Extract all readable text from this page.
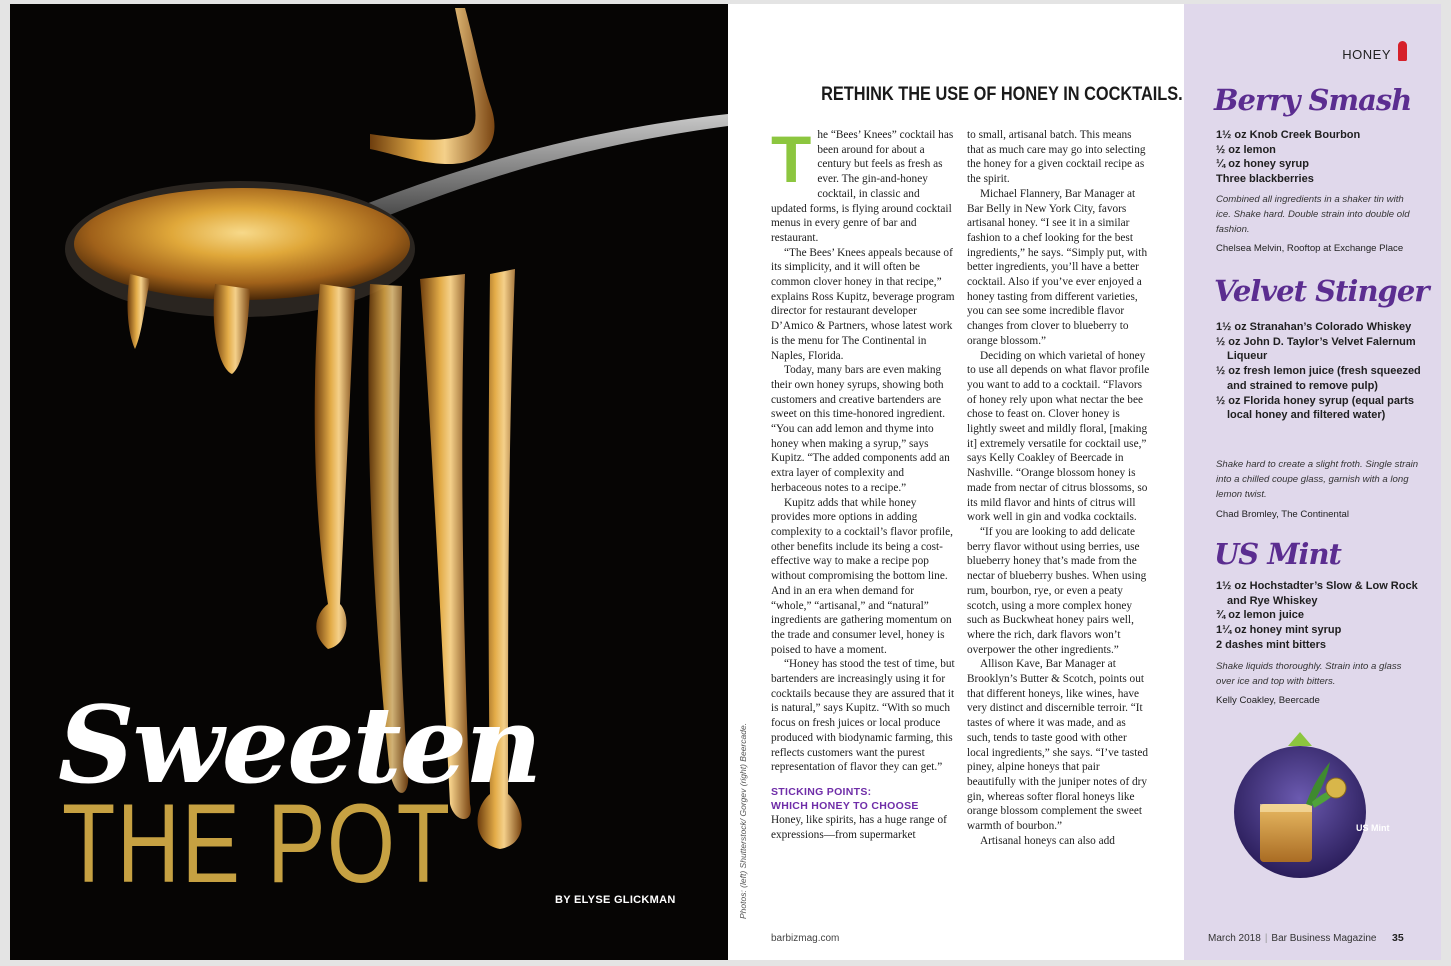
Sweeten
THE POT	BY ELYSE GLICKMAN
RETHINK THE USE OF HONEY IN COCKTAILS.
Photos: (left) Shutterstock/ Gorgev (right) Beercade.

The “Bees’ Knees” cocktail has been around for about a century but feels as fresh as ever. The gin-and-honey cocktail, in classic and updated forms, is flying around cocktail menus in every genre of bar and restaurant.

“The Bees’ Knees appeals because of its simplicity, and it will often be common clover honey in that recipe,” explains Ross Kupitz, beverage program director for restaurant developer D’Amico & Partners, whose latest work is the menu for The Continental in Naples, Florida.

Today, many bars are even making their own honey syrups, showing both customers and creative bartenders are sweet on this time-honored ingredient. “You can add lemon and thyme into honey when making a syrup,” says Kupitz. “The added components add an extra layer of complexity and herbaceous notes to a recipe.”

Kupitz adds that while honey provides more options in adding complexity to a cocktail’s flavor profile, other benefits include its being a cost-effective way to make a recipe pop without compromising the bottom line. And in an era when demand for “whole,” “artisanal,” and “natural” ingredients are gathering momentum on the trade and consumer level, honey is poised to have a moment.

“Honey has stood the test of time, but bartenders are increasingly using it for cocktails because they are assured that it is natural,” says Kupitz. “With so much focus on fresh juices or local produce produced with biodynamic farming, this reflects customers want the purest representation of flavor they can get.”

STICKING POINTS:
WHICH HONEY TO CHOOSE

Honey, like spirits, has a huge range of expressions—from supermarket

to small, artisanal batch. This means that as much care may go into selecting the honey for a given cocktail recipe as the spirit.

Michael Flannery, Bar Manager at Bar Belly in New York City, favors artisanal honey. “I see it in a similar fashion to a chef looking for the best ingredients,” he says. “Simply put, with better ingredients, you’ll have a better cocktail. Also if you’ve ever enjoyed a honey tasting from different varieties, you can see some incredible flavor changes from clover to blueberry to orange blossom.”

Deciding on which varietal of honey to use all depends on what flavor profile you want to add to a cocktail. “Flavors of honey rely upon what nectar the bee chose to feast on. Clover honey is lightly sweet and mildly floral, [making it] extremely versatile for cocktail use,” says Kelly Coakley of Beercade in Nashville. “Orange blossom honey is made from nectar of citrus blossoms, so its mild flavor and hints of citrus will work well in gin and vodka cocktails.

“If you are looking to add delicate berry flavor without using berries, use blueberry honey that’s made from the nectar of blueberry bushes. When using rum, bourbon, rye, or even a peaty scotch, using a more complex honey such as Buckwheat honey pairs well, where the rich, dark flavors won’t overpower the other ingredients.”

Allison Kave, Bar Manager at Brooklyn’s Butter & Scotch, points out that different honeys, like wines, have very distinct and discernible terroir. “It tastes of where it was made, and as such, tends to taste good with other local ingredients,” she says. “I’ve tasted piney, alpine honeys that pair beautifully with the juniper notes of dry gin, whereas softer floral honeys like orange blossom complement the sweet warmth of bourbon.”

Artisanal honeys can also add

barbizmag.com
HONEY
Berry Smash
1½ oz Knob Creek Bourbon
½ oz lemon
¼ oz honey syrup
Three blackberries

Combined all ingredients in a shaker tin with ice. Shake hard. Double strain into double old fashion.

Chelsea Melvin, Rooftop at Exchange Place

Velvet Stinger
1½ oz Stranahan’s Colorado Whiskey
½ oz John D. Taylor’s Velvet Falernum Liqueur
½ oz fresh lemon juice (fresh squeezed and strained to remove pulp)
½ oz Florida honey syrup (equal parts local honey and filtered water)

Shake hard to create a slight froth. Single strain into a chilled coupe glass, garnish with a long lemon twist.

Chad Bromley, The Continental

US Mint
1½ oz Hochstadter’s Slow & Low Rock and Rye Whiskey
¾ oz lemon juice
1¼ oz honey mint syrup
2 dashes mint bitters

Shake liquids thoroughly. Strain into a glass over ice and top with bitters.

Kelly Coakley, Beercade

US Mint
March 2018 | Bar Business Magazine 35
